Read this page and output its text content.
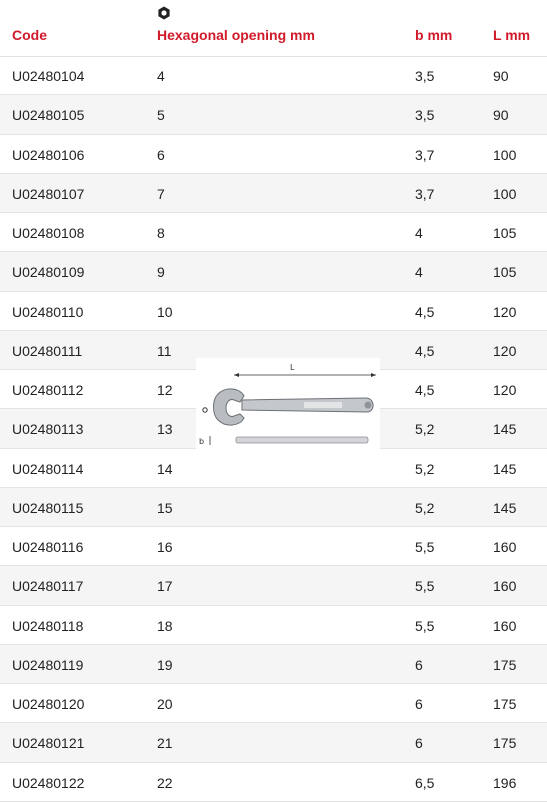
Code	Hexagonal opening mm	b mm	L mm
U02480104	4	3,5	90
U02480105	5	3,5	90
U02480106	6	3,7	100
U02480107	7	3,7	100
U02480108	8	4	105
U02480109	9	4	105
U02480110	10	4,5	120
U02480111	11	4,5	120
U02480112	12	4,5	120
U02480113	13	5,2	145
U02480114	14	5,2	145
U02480115	15	5,2	145
U02480116	16	5,5	160
U02480117	17	5,5	160
U02480118	18	5,5	160
U02480119	19	6	175
U02480120	20	6	175
U02480121	21	6	175
U02480122	22	6,5	196
L
b
